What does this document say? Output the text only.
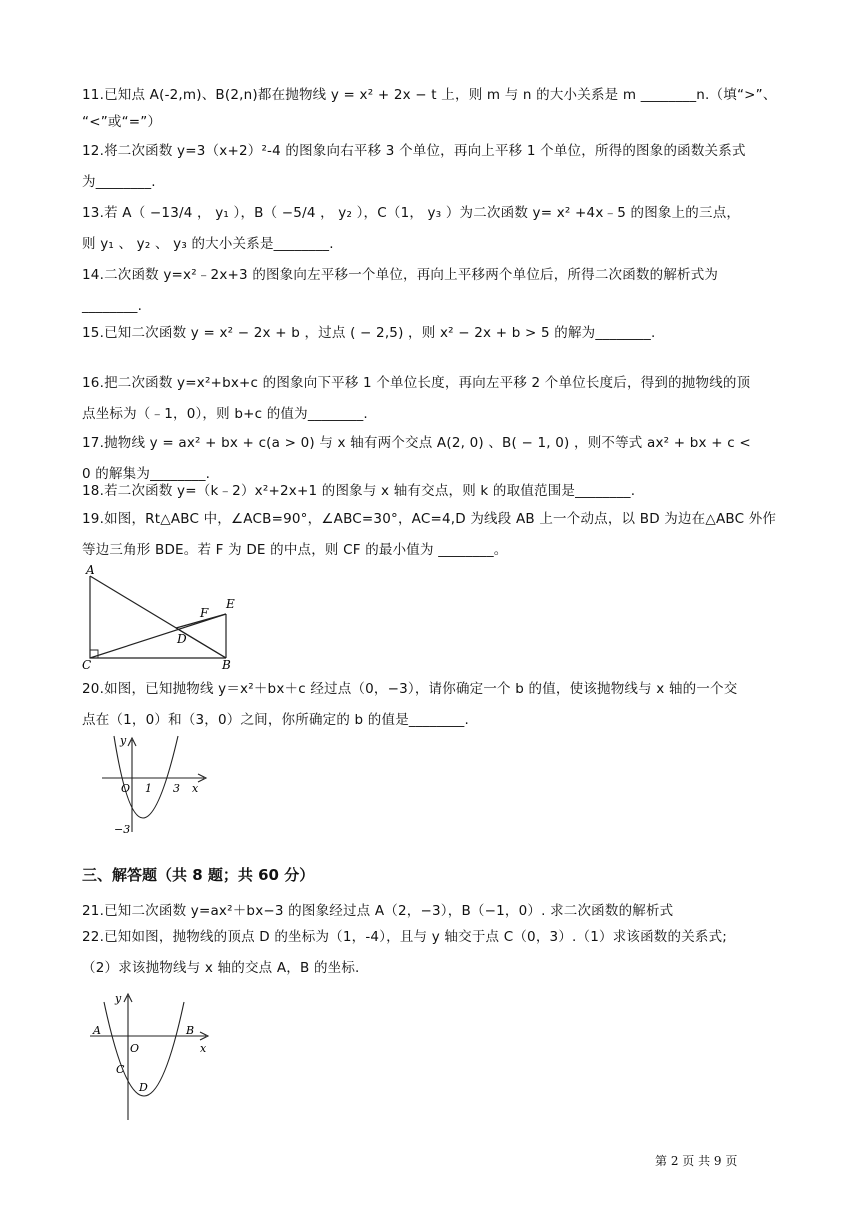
11.已知点 A(-2,m)、B(2,n)都在抛物线 y = x² + 2x − t 上，则 m 与 n 的大小关系是 m ________n.（填“>”、

“<”或“=”）

12.将二次函数 y=3（x+2）²-4 的图象向右平移 3 个单位，再向上平移 1 个单位，所得的图象的函数关系式

为________.

13.若 A（ −13/4 ， y₁ ），B（ −5/4 ， y₂ ），C（1， y₃ ）为二次函数 y= x² +4x﹣5 的图象上的三点，

则 y₁ 、 y₂ 、 y₃ 的大小关系是________.

14.二次函数 y=x²﹣2x+3 的图象向左平移一个单位，再向上平移两个单位后，所得二次函数的解析式为

________.

15.已知二次函数 y = x² − 2x + b ，过点 ( − 2,5) ，则 x² − 2x + b > 5 的解为________.

16.把二次函数 y=x²+bx+c 的图象向下平移 1 个单位长度，再向左平移 2 个单位长度后，得到的抛物线的顶

点坐标为（﹣1，0），则 b+c 的值为________.

17.抛物线 y = ax² + bx + c(a > 0) 与 x 轴有两个交点 A(2, 0) 、B( − 1, 0) ，则不等式 ax² + bx + c <

0 的解集为________.

18.若二次函数 y=（k﹣2）x²+2x+1 的图象与 x 轴有交点，则 k 的取值范围是________.

19.如图，Rt△ABC 中，∠ACB=90°，∠ABC=30°，AC=4,D 为线段 AB 上一个动点，以 BD 为边在△ABC 外作

等边三角形 BDE。若 F 为 DE 的中点，则 CF 的最小值为 ________。

A
C	B
D
E
F

20.如图，已知抛物线 y＝x²＋bx＋c 经过点（0，−3），请你确定一个 b 的值，使该抛物线与 x 轴的一个交

点在（1，0）和（3，0）之间，你所确定的 b 的值是________.

y
x
O 1 3
−3
三、解答题（共 8 题；共 60 分）

21.已知二次函数 y=ax²＋bx−3 的图象经过点 A（2，−3），B（−1，0）. 求二次函数的解析式

22.已知如图，抛物线的顶点 D 的坐标为（1，-4），且与 y 轴交于点 C（0，3）.（1）求该函数的关系式;

（2）求该抛物线与 x 轴的交点 A，B 的坐标.

y
x
O
A	B
C
D
第 2 页 共 9 页
